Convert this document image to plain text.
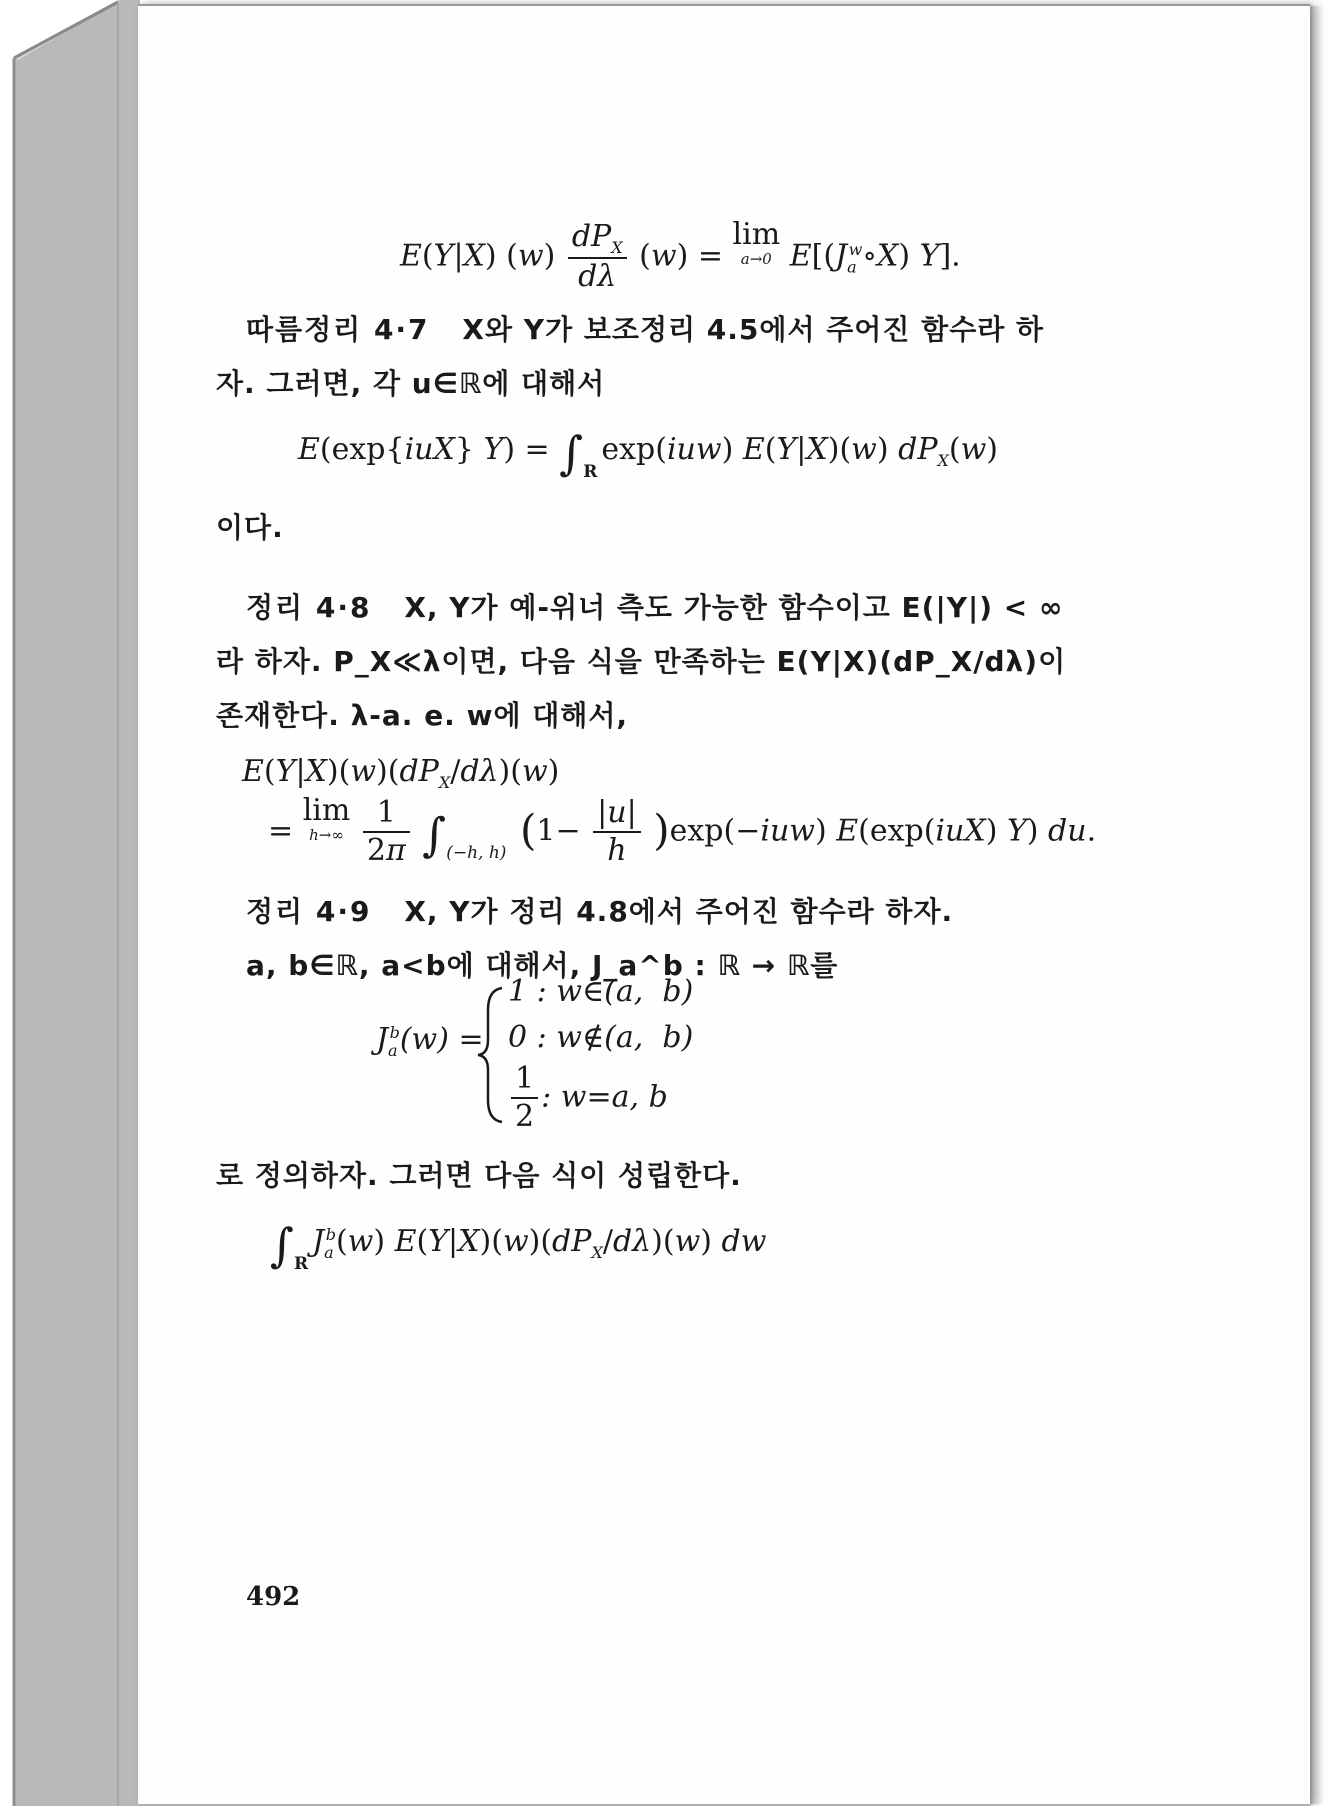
E(Y|X) $(w) \frac{dP_X}{d\lambda} (w)$ =
lim
a→0 $E[(J_a^w\circ X)$ Y].
따름정리 4·7 X와 Y가 보조정리 4.5에서 주어진 함수라 하
자. 그러면, 각 u∈ℝ에 대해서
E(exp{iuX} $Y) = \int_R\exp(iuw)$ E(Y|X)(w) $dP_X(w)$
이다.
정리 4·8 X, Y가 예-위너 측도 가능한 함수이고 E(|Y|) < ∞
라 하자. P_X≪λ이면, 다음 식을 만족하는 E(Y|X)(dP_X/dλ)이
존재한다. λ-a. e. w에 대해서,
$E(Y|X)(w)(dP_X/d\lambda)(w)$
=
lim
h→∞
$\frac{1}{2\pi} \int_{(-h, h)}$ $(1- \frac{|u|}{h} )\exp(-iuw)$ E(exp(iuX) Y) du.
정리 4·9 X, Y가 정리 4.8에서 주어진 함수라 하자.
a, b∈ℝ, a<b에 대해서, J_a^b : ℝ → ℝ를
$J_a^b(w)$ =
1 : w∈(a,  b)
0 : w∉(a,  b)
$\frac{1}{2}$ : w=a, b
로 정의하자. 그러면 다음 식이 성립한다.
$\int_RJ_a^b(w)$ $E(Y|X)(w)(dP_X/d\lambda)(w)$ dw
492
